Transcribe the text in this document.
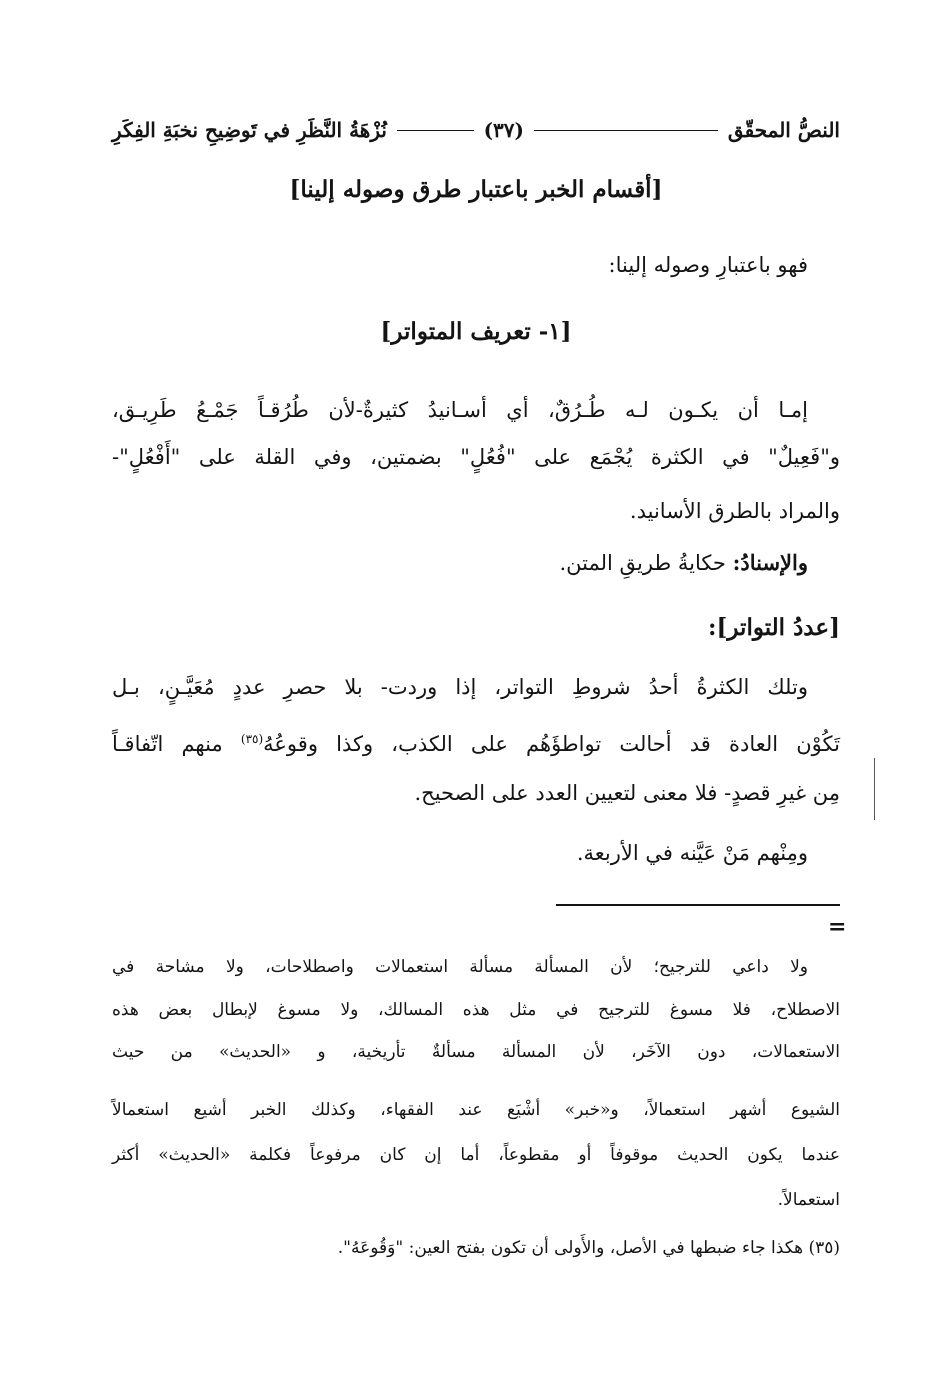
النصُّ المحقّق
(٣٧)
نُزْهَةُ النَّظَرِ في تَوضِيحِ نخبَةِ الفِكَرِ
[أقسام الخبر باعتبار طرق وصوله إلينا]
فهو باعتبارِ وصوله إلينا:
[١- تعريف المتواتر]
إمـا أن يكـون لـه طُـرُقٌ، أي أسـانيدُ كثيرةٌ-لأن طُرُقـاً جَمْـعُ طَرِيـق،
و"فَعِيلٌ" في الكثرة يُجْمَع على "فُعُلٍ" بضمتين، وفي القلة على "أَفْعُلٍ"-
والمراد بالطرق الأسانيد.
والإسنادُ: حكايةُ طريقِ المتن.
[عددُ التواتر]:
وتلك الكثرةُ أحدُ شروطِ التواتر، إذا وردت- بلا حصرِ عددٍ مُعَيَّـنٍ، بـل
تَكُوْن العادة قد أحالت تواطؤَهُم على الكذب، وكذا وقوعُهُ$^{(٣٥)}$ منهم اتّفاقـاً
مِن غيرِ قصدٍ- فلا معنى لتعيين العدد على الصحيح.
ومِنْهم مَنْ عَيَّنه في الأربعة.
=
ولا داعي للترجيح؛ لأن المسألة مسألة استعمالات واصطلاحات، ولا مشاحة في
الاصطلاح، فلا مسوغ للترجيح في مثل هذه المسالك، ولا مسوغ لإبطال بعض هذه
الاستعمالات، دون الآخَر، لأن المسألة مسألةٌ تأريخية، و «الحديث» من حيث
الشيوع أشهر استعمالاً، و«خبر» أشْيَع عند الفقهاء، وكذلك الخبر أشيع استعمالاً
عندما يكون الحديث موقوفاً أو مقطوعاً، أما إن كان مرفوعاً فكلمة «الحديث» أكثر
استعمالاً.
(٣٥) هكذا جاء ضبطها في الأصل، والأَولى أن تكون بفتح العين: "وَقُوعَهُ".
